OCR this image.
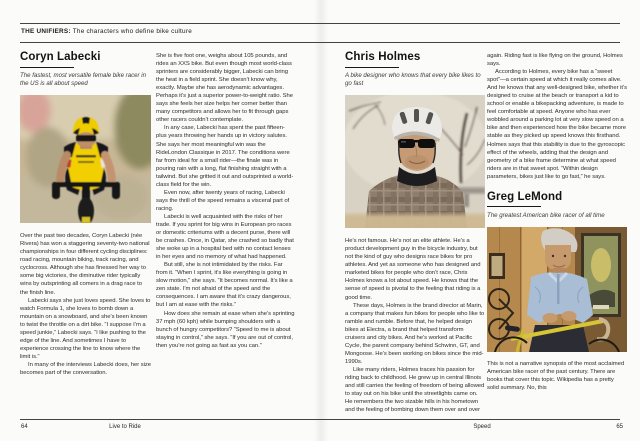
THE UNIFIERS: The characters who define bike culture
Coryn Labecki

The fastest, most versatile female bike racer in the US is all about speed

Over the past two decades, Coryn Labecki (née Rivera) has won a staggering seventy-two national championships in four different cycling disciplines: road racing, mountain biking, track racing, and cyclocross. Although she has finessed her way to some big victories, the diminutive rider typically wins by outsprinting all comers in a drag race to the finish line.

Labecki says she just loves speed. She loves to watch Formula 1, she loves to bomb down a mountain on a snowboard, and she’s been known to twist the throttle on a dirt bike. “I suppose I’m a speed junkie,” Labecki says. “I like pushing to the edge of the line. And sometimes I have to experience crossing the line to know where the limit is.”

In many of the interviews Labecki does, her size becomes part of the conversation.

She is five foot one, weighs about 105 pounds, and rides an XXS bike. But even though most world-class sprinters are considerably bigger, Labecki can bring the heat in a field sprint. She doesn’t know why, exactly. Maybe she has aerodynamic advantages. Perhaps it’s just a superior power-to-weight ratio. She says she feels her size helps her corner better than many competitors and allows her to fit through gaps other racers couldn’t contemplate.

In any case, Labecki has spent the past fifteen-plus years throwing her hands up in victory salutes. She says her most meaningful win was the RideLondon Classique in 2017. The conditions were far from ideal for a small rider—the finale was in pouring rain with a long, flat finishing straight with a tailwind. But she gritted it out and outsprinted a world-class field for the win.

Even now, after twenty years of racing, Labecki says the thrill of the speed remains a visceral part of racing.

Labecki is well acquainted with the risks of her trade. If you sprint for big wins in European pro races or domestic criteriums with a decent purse, there will be crashes. Once, in Qatar, she crashed so badly that she woke up in a hospital bed with no contact lenses in her eyes and no memory of what had happened.

But still, she is not intimidated by the risks. Far from it. “When I sprint, it’s like everything is going in slow motion,” she says. “It becomes normal. It’s like a zen state. I’m not afraid of the speed and the consequences. I am aware that it’s crazy dangerous, but I am at ease with the risks.”

How does she remain at ease when she’s sprinting 37 mph (60 kph) while bumping shoulders with a bunch of hungry competitors? “Speed to me is about staying in control,” she says. “If you are out of control, then you’re not going as fast as you can.”

Chris Holmes

A bike designer who knows that every bike likes to go fast

He’s not famous. He’s not an elite athlete. He’s a product development guy in the bicycle industry, but not the kind of guy who designs race bikes for pro athletes. And yet as someone who has designed and marketed bikes for people who don’t race, Chris Holmes knows a lot about speed. He knows that the sense of speed is pivotal to the feeling that riding is a good time.

These days, Holmes is the brand director at Marin, a company that makes fun bikes for people who like to ramble and rumble. Before that, he helped design bikes at Electra, a brand that helped transform cruisers and city bikes. And he’s worked at Pacific Cycle, the parent company behind Schwinn, GT, and Mongoose. He’s been working on bikes since the mid-1990s.

Like many riders, Holmes traces his passion for riding back to childhood. He grew up in central Illinois and still carries the feeling of freedom of being allowed to stay out on his bike until the streetlights came on. He remembers the two sizable hills in his hometown and the feeling of bombing down them over and over

again. Riding fast is like flying on the ground, Holmes says.

According to Holmes, every bike has a “sweet spot”—a certain speed at which it really comes alive. And he knows that any well-designed bike, whether it’s designed to cruise at the beach or transport a kid to school or enable a bikepacking adventure, is made to feel comfortable at speed. Anyone who has ever wobbled around a parking lot at very slow speed on a bike and then experienced how the bike became more stable as they picked up speed knows this firsthand. Holmes says that this stability is due to the gyroscopic effect of the wheels, adding that the design and geometry of a bike frame determine at what speed riders are in that sweet spot. “Within design parameters, bikes just like to go fast,” he says.

Greg LeMond

The greatest American bike racer of all time

This is not a narrative synopsis of the most acclaimed American bike racer of the past century. There are books that cover this topic. Wikipedia has a pretty solid summary. No, this

64	Live to Ride	Speed	65
